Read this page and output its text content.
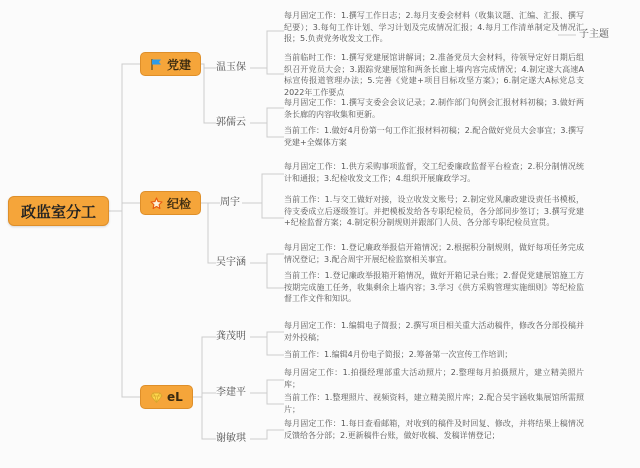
政监室分工
党建
纪检
eL
温玉保
郭儒云
周宇
吴宇涵
龚茂明
李建平
谢敏琪
每月固定工作：1.撰写工作日志；2.每月支委会材料（收集议题、汇编、汇报、撰写纪要）；3.每旬工作计划、学习计划及完成情况汇报；4.每月工作清单制定及情况汇报；5.负责党务收发文工作。
当前临时工作：1.撰写党建展馆讲解词；2.准备党员大会材料，待领导定好日期后组织召开党员大会；3.跟踪党建展馆和两条长廊上墙内容完成情况；4.制定遂大高速A标宣传报道管理办法；5.完善《党建+项目目标攻坚方案》；6.制定遂大A标党总支2022年工作要点
每月固定工作：1.撰写支委会会议记录；2.制作部门旬例会汇报材料初稿；3.做好两条长廊的内容收集和更新。
当前工作：1.做好4月份第一旬工作汇报材料初稿；2.配合做好党员大会事宜；3.撰写党建+全媒体方案
每月固定工作：1.供方采购事项监督，交工纪委廉政监督平台检查；2.积分制情况统计和通报；3.纪检收发文工作；4.组织开展廉政学习。
当前工作：1.与交工做好对接，设立收发文账号；2.制定党风廉政建设责任书模板，待支委成立后逐级签订。并把模板发给各专职纪检员，各分部同步签订；3.撰写党建+纪检监督方案；4.制定积分制规则并跟部门人员、各分部专职纪检员宣贯。
每月固定工作：1.登记廉政举报信开箱情况；2.根据积分制规则，做好每项任务完成情况登记；3.配合周宇开展纪检监察相关事宜。
当前工作：1.登记廉政举报箱开箱情况，做好开箱记录台账；2.督促党建展馆施工方按期完成施工任务，收集剩余上墙内容；3.学习《供方采购管理实施细则》等纪检监督工作文件和知识。
每月固定工作：1.编辑电子简报；2.撰写项目相关重大活动稿件，修改各分部投稿并对外投稿；
当前工作：1.编辑4月份电子简报；2.筹备第一次宣传工作培训；
每月固定工作：1.拍摄经理部重大活动照片；2.整理每月拍摄照片，建立精美照片库；
当前工作：1.整理照片、视频资料，建立精美照片库；2.配合吴宇涵收集展馆所需照片；
每月固定工作：1.每日查看邮箱，对收到的稿件及时回复、修改，并将结果上稿情况反馈给各分部；2.更新稿件台账，做好收稿、发稿详情登记；
子主题
